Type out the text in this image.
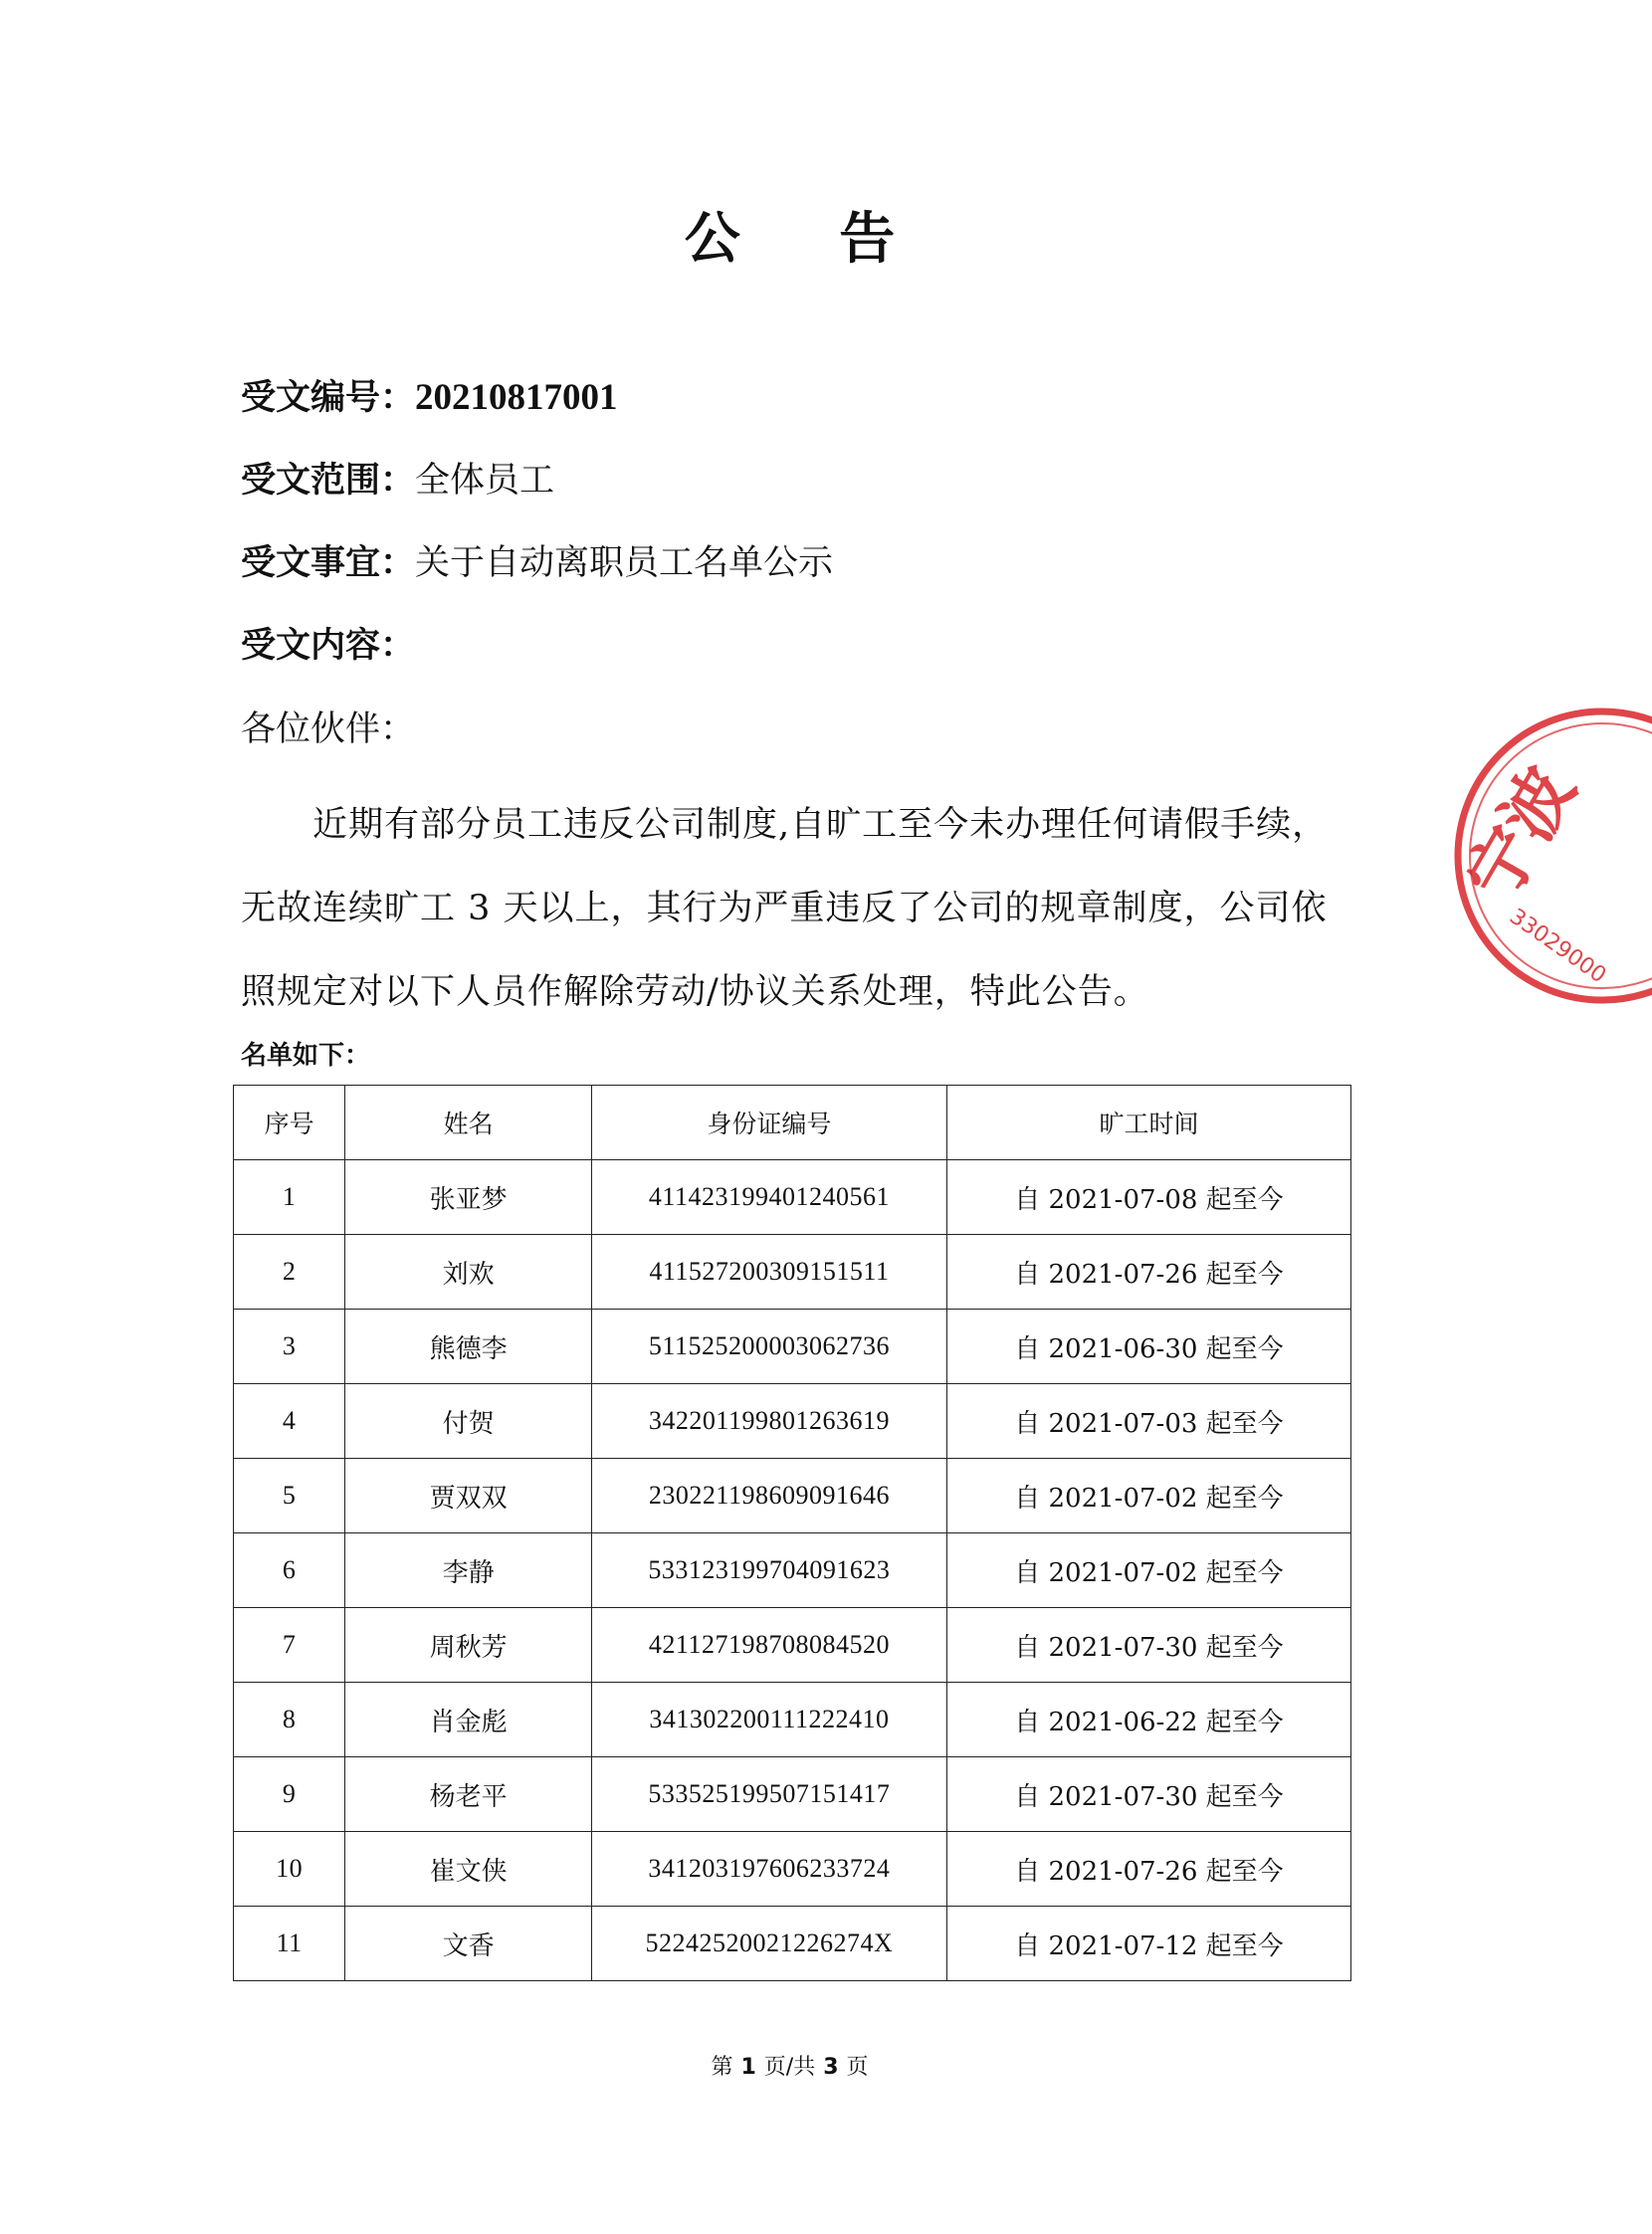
公 告
受文编号：20210817001
受文范围：全体员工
受文事宜：关于自动离职员工名单公示
受文内容：
各位伙伴：
近期有部分员工违反公司制度,自旷工至今未办理任何请假手续，无故连续旷工 3 天以上，其行为严重违反了公司的规章制度，公司依照规定对以下人员作解除劳动/协议关系处理，特此公告。
名单如下：
序号	姓名	身份证编号	旷工时间
1	张亚梦	411423199401240561	自 2021-07-08 起至今
2	刘欢	411527200309151511	自 2021-07-26 起至今
3	熊德李	511525200003062736	自 2021-06-30 起至今
4	付贺	342201199801263619	自 2021-07-03 起至今
5	贾双双	230221198609091646	自 2021-07-02 起至今
6	李静	533123199704091623	自 2021-07-02 起至今
7	周秋芳	421127198708084520	自 2021-07-30 起至今
8	肖金彪	341302200111222410	自 2021-06-22 起至今
9	杨老平	533525199507151417	自 2021-07-30 起至今
10	崔文侠	341203197606233724	自 2021-07-26 起至今
11	文香	52242520021226274X	自 2021-07-12 起至今
第 1 页/共 3 页
宁波
33029000
